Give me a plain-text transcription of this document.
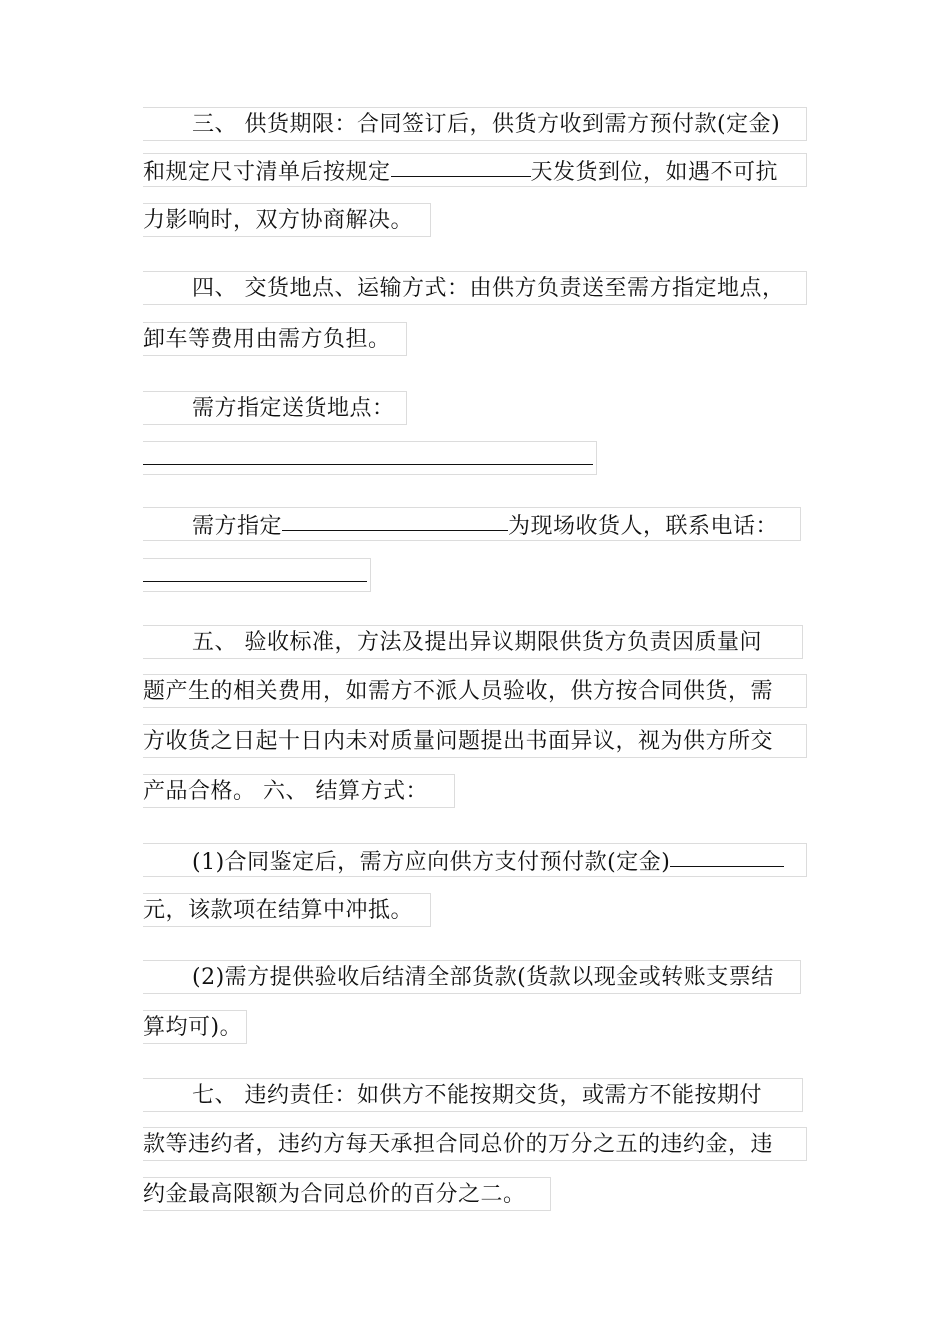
三、 供货期限：合同签订后，供货方收到需方预付款(定金)
和规定尺寸清单后按规定	天发货到位，如遇不可抗
力影响时，双方协商解决。
四、 交货地点、运输方式：由供方负责送至需方指定地点，
卸车等费用由需方负担。
需方指定送货地点：
需方指定	为现场收货人，联系电话：
五、 验收标准，方法及提出异议期限供货方负责因质量问
题产生的相关费用，如需方不派人员验收，供方按合同供货，需
方收货之日起十日内未对质量问题提出书面异议，视为供方所交
产品合格。 六、 结算方式：
(1)合同鉴定后，需方应向供方支付预付款(定金)
元，该款项在结算中冲抵。
(2)需方提供验收后结清全部货款(货款以现金或转账支票结
算均可)。
七、 违约责任：如供方不能按期交货，或需方不能按期付
款等违约者，违约方每天承担合同总价的万分之五的违约金，违
约金最高限额为合同总价的百分之二。
